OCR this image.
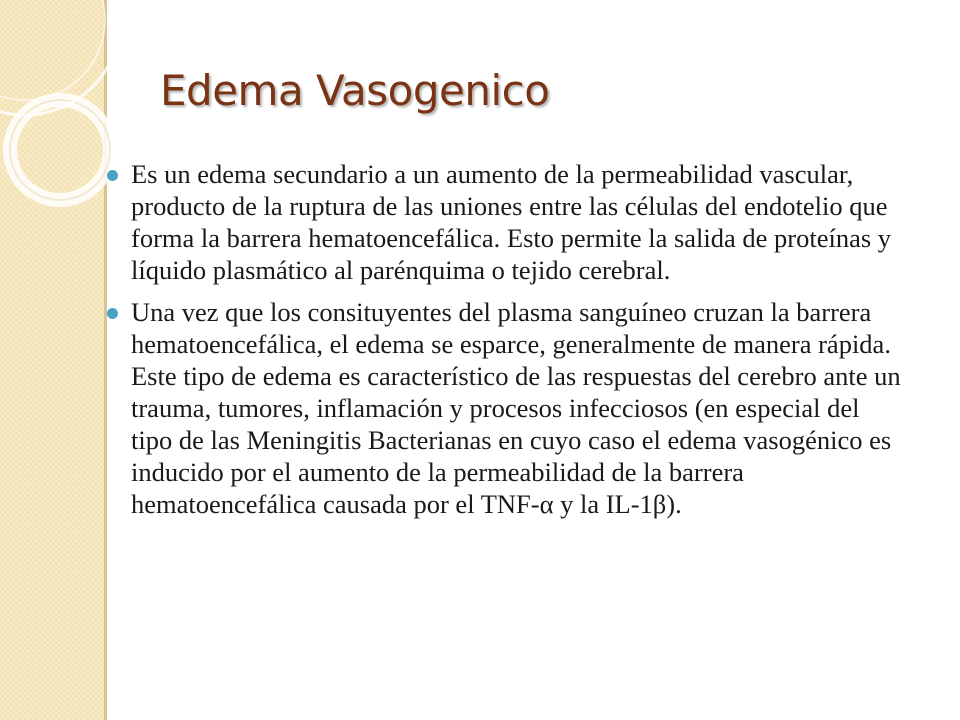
Edema Vasogenico
Es un edema secundario a un aumento de la permeabilidad vascular, producto de la ruptura de las uniones entre las células del endotelio que forma la barrera hematoencefálica. Esto permite la salida de proteínas y líquido plasmático al parénquima o tejido cerebral.
Una vez que los consituyentes del plasma sanguíneo cruzan la barrera hematoencefálica, el edema se esparce, generalmente de manera rápida. Este tipo de edema es característico de las respuestas del cerebro ante un trauma, tumores, inflamación y procesos infecciosos (en especial del tipo de las Meningitis Bacterianas en cuyo caso el edema vasogénico es inducido por el aumento de la permeabilidad de la barrera hematoencefálica causada por el TNF-α y la IL-1β).
